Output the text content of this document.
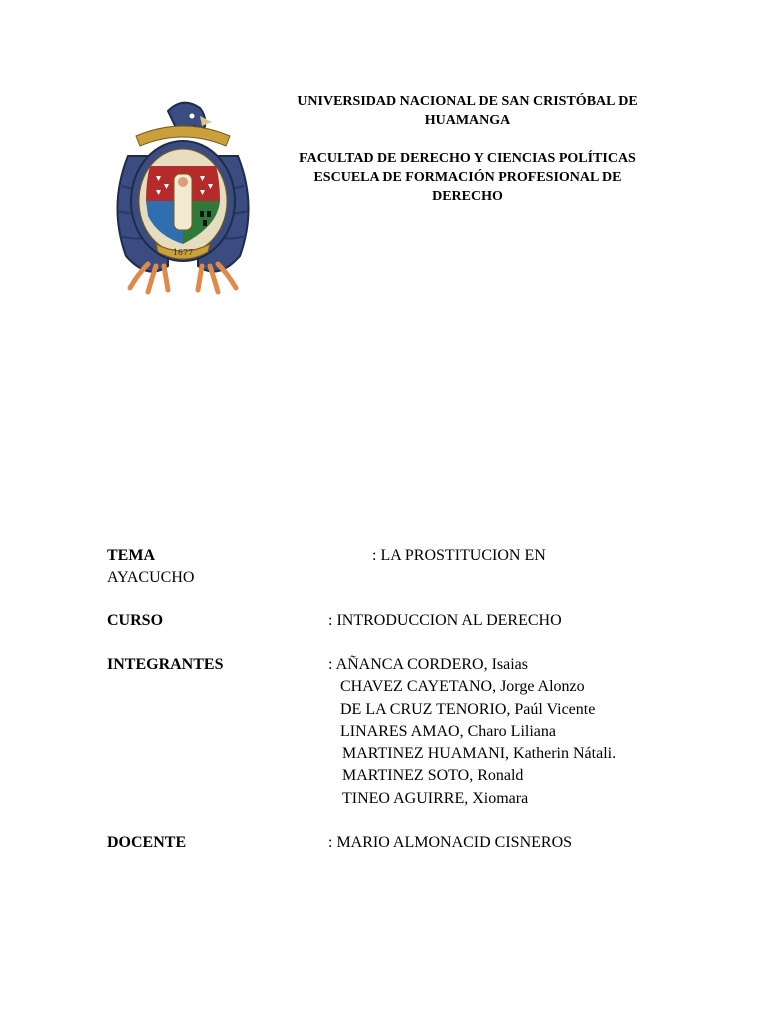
1677
UNIVERSIDAD NACIONAL DE SAN CRISTÓBAL DE
HUAMANGA
FACULTAD DE DERECHO Y CIENCIAS POLÍTICAS
ESCUELA DE FORMACIÓN PROFESIONAL DE
DERECHO
TEMA	: LA PROSTITUCION EN
AYACUCHO
CURSO	: INTRODUCCION AL DERECHO
INTEGRANTES	: AÑANCA CORDERO, Isaias
CHAVEZ CAYETANO, Jorge Alonzo
DE LA CRUZ TENORIO, Paúl Vicente
LINARES AMAO, Charo Liliana
MARTINEZ HUAMANI, Katherin Nátali.
MARTINEZ SOTO, Ronald
TINEO AGUIRRE, Xiomara
DOCENTE	: MARIO ALMONACID CISNEROS
